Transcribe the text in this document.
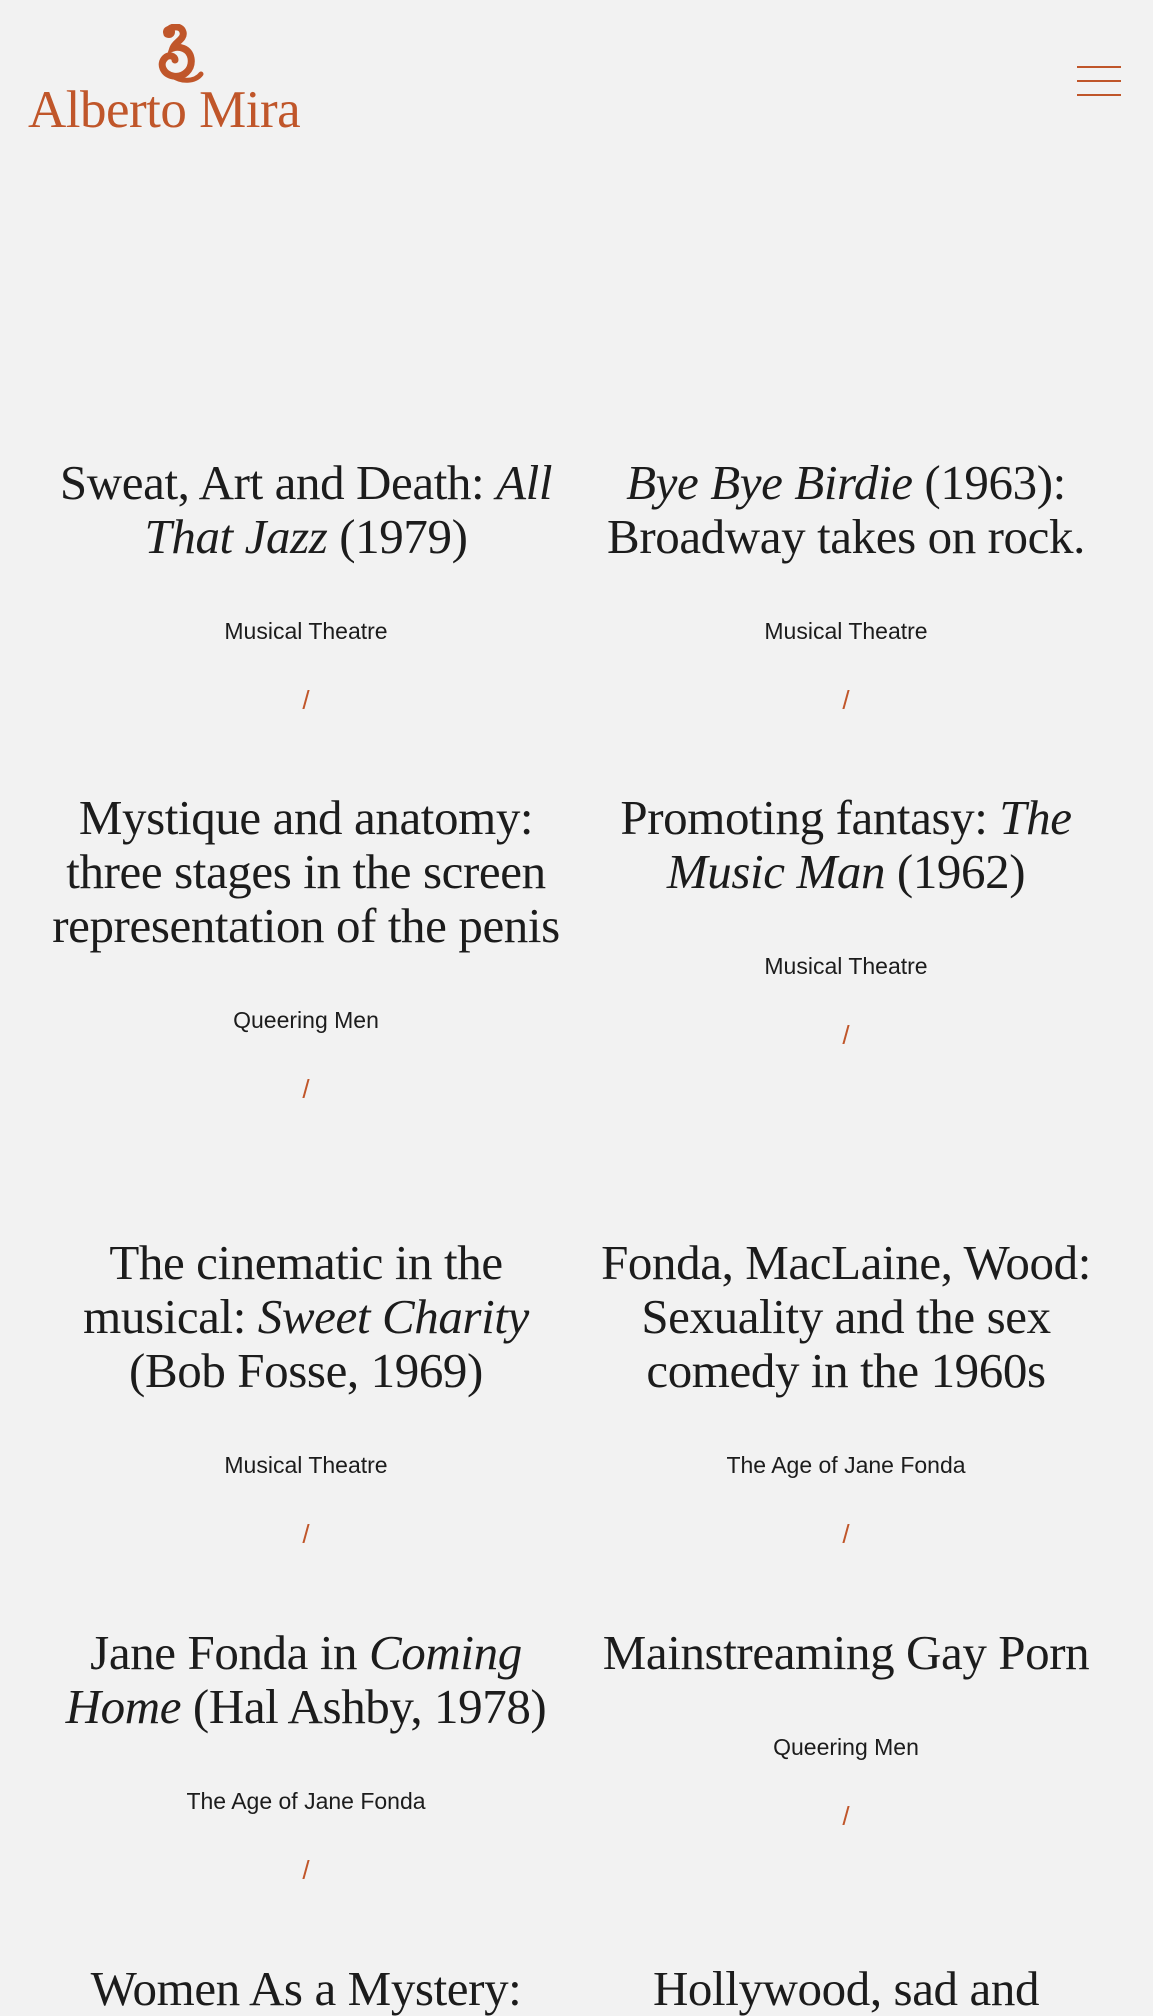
Alberto Mira
Sweat, Art and Death: All That Jazz (1979)
Musical Theatre
/
Bye Bye Birdie (1963): Broadway takes on rock.
Musical Theatre
/
Mystique and anatomy: three stages in the screen representation of the penis
Queering Men
/
Promoting fantasy: The Music Man (1962)
Musical Theatre
/
The cinematic in the musical: Sweet Charity (Bob Fosse, 1969)
Musical Theatre
/
Fonda, MacLaine, Wood: Sexuality and the sex comedy in the 1960s
The Age of Jane Fonda
/
Jane Fonda in Coming Home (Hal Ashby, 1978)
The Age of Jane Fonda
/
Mainstreaming Gay Porn
Queering Men
/
Women As a Mystery:	Hollywood, sad and
